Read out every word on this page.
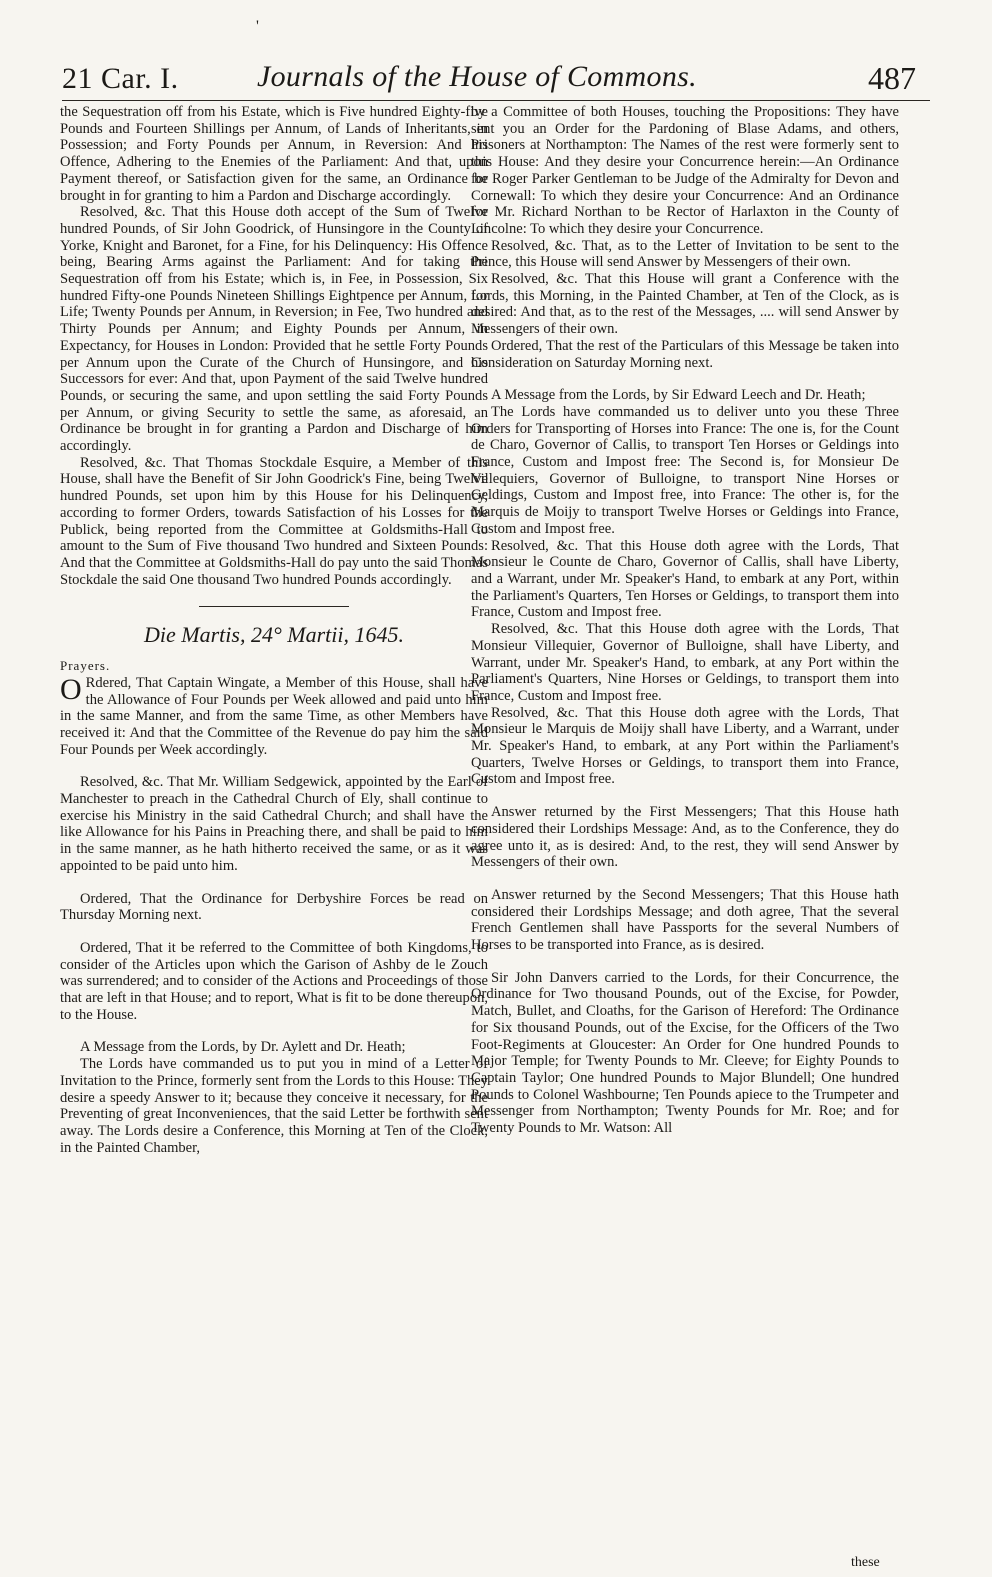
'
21 Car. I.	Journals of the House of Commons.	487

the Sequestration off from his Estate, which is Five hundred Eighty-five Pounds and Fourteen Shillings per Annum, of Lands of Inheritants, in Possession; and Forty Pounds per Annum, in Reversion: And his Offence, Adhering to the Enemies of the Parliament: And that, upon Payment thereof, or Satisfaction given for the same, an Ordinance be brought in for granting to him a Pardon and Discharge accordingly.

Resolved, &c. That this House doth accept of the Sum of Twelve hundred Pounds, of Sir John Goodrick, of Hunsingore in the County of Yorke, Knight and Baronet, for a Fine, for his Delinquency: His Offence being, Bearing Arms against the Parliament: And for taking the Sequestration off from his Estate; which is, in Fee, in Possession, Six hundred Fifty-one Pounds Nineteen Shillings Eightpence per Annum, for Life; Twenty Pounds per Annum, in Reversion; in Fee, Two hundred and Thirty Pounds per Annum; and Eighty Pounds per Annum, in Expectancy, for Houses in London: Provided that he settle Forty Pounds per Annum upon the Curate of the Church of Hunsingore, and his Successors for ever: And that, upon Payment of the said Twelve hundred Pounds, or securing the same, and upon settling the said Forty Pounds per Annum, or giving Security to settle the same, as aforesaid, an Ordinance be brought in for granting a Pardon and Discharge of him accordingly.

Resolved, &c. That Thomas Stockdale Esquire, a Member of this House, shall have the Benefit of Sir John Goodrick's Fine, being Twelve hundred Pounds, set upon him by this House for his Delinquency, according to former Orders, towards Satisfaction of his Losses for the Publick, being reported from the Committee at Goldsmiths-Hall to amount to the Sum of Five thousand Two hundred and Sixteen Pounds: And that the Committee at Goldsmiths-Hall do pay unto the said Thomas Stockdale the said One thousand Two hundred Pounds accordingly.

Die Martis, 24° Martii, 1645.
Prayers.

O Rdered, That Captain Wingate, a Member of this House, shall have the Allowance of Four Pounds per Week allowed and paid unto him in the same Manner, and from the same Time, as other Members have received it: And that the Committee of the Revenue do pay him the said Four Pounds per Week accordingly.

Resolved, &c. That Mr. William Sedgewick, appointed by the Earl of Manchester to preach in the Cathedral Church of Ely, shall continue to exercise his Ministry in the said Cathedral Church; and shall have the like Allowance for his Pains in Preaching there, and shall be paid to him in the same manner, as he hath hitherto received the same, or as it was appointed to be paid unto him.

Ordered, That the Ordinance for Derbyshire Forces be read on Thursday Morning next.

Ordered, That it be referred to the Committee of both Kingdoms, to consider of the Articles upon which the Garison of Ashby de le Zouch was surrendered; and to consider of the Actions and Proceedings of those that are left in that House; and to report, What is fit to be done thereupon, to the House.

A Message from the Lords, by Dr. Aylett and Dr. Heath;

The Lords have commanded us to put you in mind of a Letter of Invitation to the Prince, formerly sent from the Lords to this House: They desire a speedy Answer to it; because they conceive it necessary, for the Preventing of great Inconveniences, that the said Letter be forthwith sent away. The Lords desire a Conference, this Morning at Ten of the Clock, in the Painted Chamber,

by a Committee of both Houses, touching the Propositions: They have sent you an Order for the Pardoning of Blase Adams, and others, Prisoners at Northampton: The Names of the rest were formerly sent to this House: And they desire your Concurrence herein:—An Ordinance for Roger Parker Gentleman to be Judge of the Admiralty for Devon and Cornewall: To which they desire your Concurrence: And an Ordinance for Mr. Richard Northan to be Rector of Harlaxton in the County of Lincolne: To which they desire your Concurrence.

Resolved, &c. That, as to the Letter of Invitation to be sent to the Prince, this House will send Answer by Messengers of their own.

Resolved, &c. That this House will grant a Conference with the Lords, this Morning, in the Painted Chamber, at Ten of the Clock, as is desired: And that, as to the rest of the Messages, .... will send Answer by Messengers of their own.

Ordered, That the rest of the Particulars of this Message be taken into Consideration on Saturday Morning next.

A Message from the Lords, by Sir Edward Leech and Dr. Heath;

The Lords have commanded us to deliver unto you these Three Orders for Transporting of Horses into France: The one is, for the Count de Charo, Governor of Callis, to transport Ten Horses or Geldings into France, Custom and Impost free: The Second is, for Monsieur De Villequiers, Governor of Bulloigne, to transport Nine Horses or Geldings, Custom and Impost free, into France: The other is, for the Marquis de Moijy to transport Twelve Horses or Geldings into France, Custom and Impost free.

Resolved, &c. That this House doth agree with the Lords, That Monsieur le Counte de Charo, Governor of Callis, shall have Liberty, and a Warrant, under Mr. Speaker's Hand, to embark at any Port, within the Parliament's Quarters, Ten Horses or Geldings, to transport them into France, Custom and Impost free.

Resolved, &c. That this House doth agree with the Lords, That Monsieur Villequier, Governor of Bulloigne, shall have Liberty, and Warrant, under Mr. Speaker's Hand, to embark, at any Port within the Parliament's Quarters, Nine Horses or Geldings, to transport them into France, Custom and Impost free.

Resolved, &c. That this House doth agree with the Lords, That Monsieur le Marquis de Moijy shall have Liberty, and a Warrant, under Mr. Speaker's Hand, to embark, at any Port within the Parliament's Quarters, Twelve Horses or Geldings, to transport them into France, Custom and Impost free.

Answer returned by the First Messengers; That this House hath considered their Lordships Message: And, as to the Conference, they do agree unto it, as is desired: And, to the rest, they will send Answer by Messengers of their own.

Answer returned by the Second Messengers; That this House hath considered their Lordships Message; and doth agree, That the several French Gentlemen shall have Passports for the several Numbers of Horses to be transported into France, as is desired.

Sir John Danvers carried to the Lords, for their Concurrence, the Ordinance for Two thousand Pounds, out of the Excise, for Powder, Match, Bullet, and Cloaths, for the Garison of Hereford: The Ordinance for Six thousand Pounds, out of the Excise, for the Officers of the Two Foot-Regiments at Gloucester: An Order for One hundred Pounds to Major Temple; for Twenty Pounds to Mr. Cleeve; for Eighty Pounds to Captain Taylor; One hundred Pounds to Major Blundell; One hundred Pounds to Colonel Washbourne; Ten Pounds apiece to the Trumpeter and Messenger from Northampton; Twenty Pounds for Mr. Roe; and for Twenty Pounds to Mr. Watson: All

these
